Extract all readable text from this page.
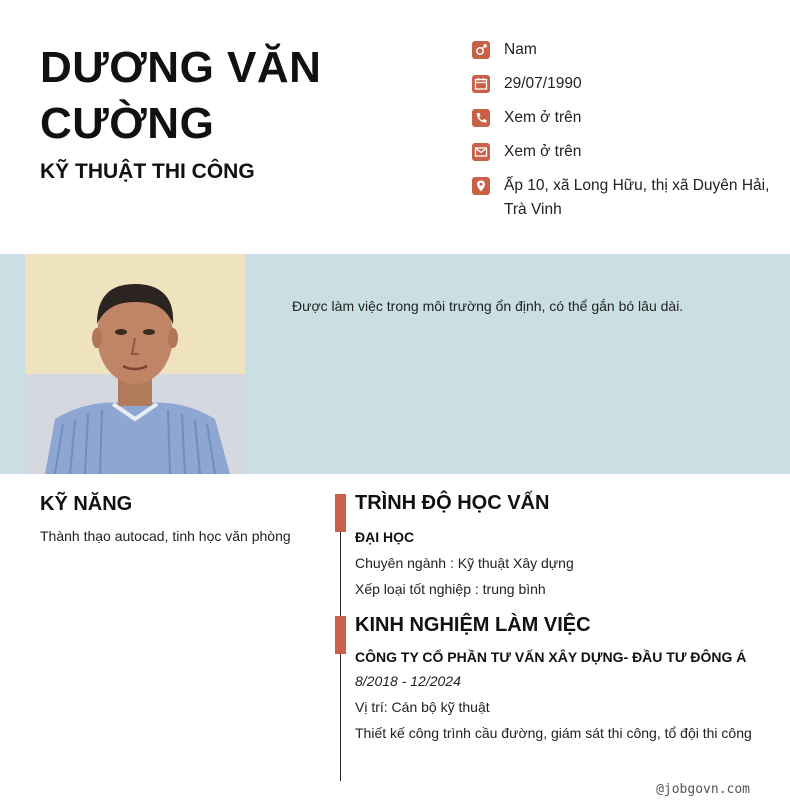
DƯƠNG VĂN
CƯỜNG
KỸ THUẬT THI CÔNG
Nam
29/07/1990
Xem ở trên
Xem ở trên
Ấp 10, xã Long Hữu, thị xã Duyên Hải, Trà Vinh
Được làm việc trong môi trường ổn định, có thể gắn bó lâu dài.
KỸ NĂNG
Thành thạo autocad, tinh học văn phòng
TRÌNH ĐỘ HỌC VẤN
ĐẠI HỌC
Chuyên ngành : Kỹ thuật Xây dựng
Xếp loại tốt nghiệp : trung bình
KINH NGHIỆM LÀM VIỆC
CÔNG TY CỔ PHẦN TƯ VẤN XÂY DỰNG- ĐẦU TƯ ĐÔNG Á
8/2018 - 12/2024
Vị trí: Cán bộ kỹ thuật
Thiết kế công trình cầu đường, giám sát thi công, tổ đội thi công
@jobgovn.com
